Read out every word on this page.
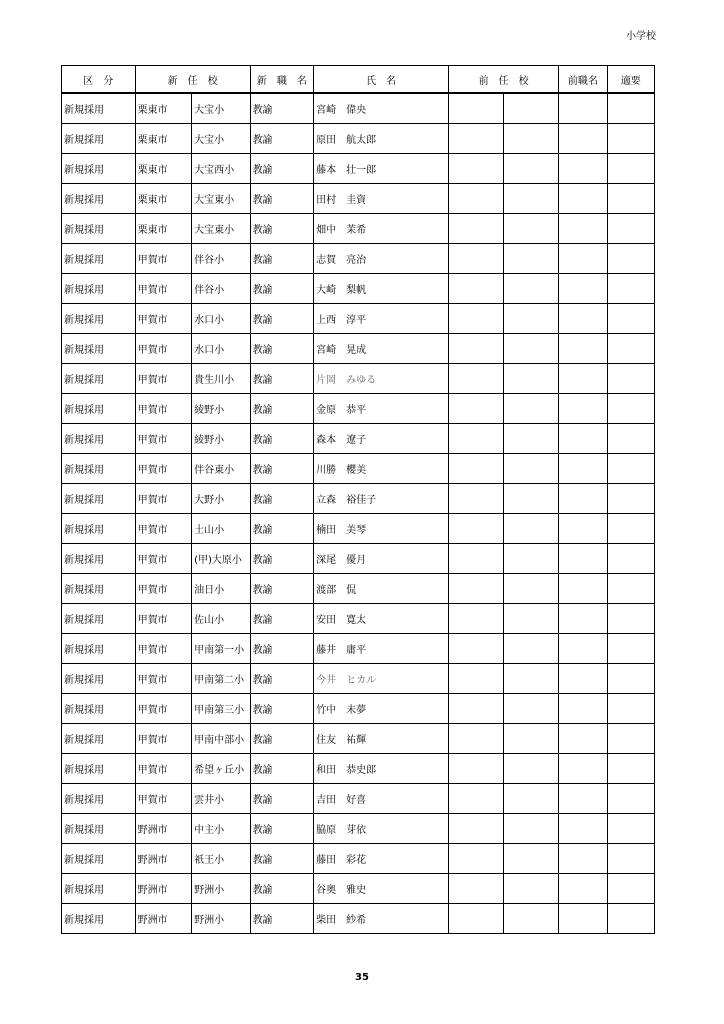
小学校
区　分	新　任　校		新　職　名	氏　名	前　任　校		前職名	適要
新規採用	栗東市	大宝小	教諭	宮崎 偉央				
新規採用	栗東市	大宝小	教諭	原田 航太郎				
新規採用	栗東市	大宝西小	教諭	藤本 壮一郎				
新規採用	栗東市	大宝東小	教諭	田村 圭資				
新規採用	栗東市	大宝東小	教諭	畑中 茉希				
新規採用	甲賀市	伴谷小	教諭	志賀 亮治				
新規採用	甲賀市	伴谷小	教諭	大崎 梨帆				
新規採用	甲賀市	水口小	教諭	上西 淳平				
新規採用	甲賀市	水口小	教諭	宮崎 晃成				
新規採用	甲賀市	貴生川小	教諭	片岡 みゆる				
新規採用	甲賀市	綾野小	教諭	金原 恭平				
新規採用	甲賀市	綾野小	教諭	森本 遼子				
新規採用	甲賀市	伴谷東小	教諭	川勝 櫻美				
新規採用	甲賀市	大野小	教諭	立森 裕佳子				
新規採用	甲賀市	土山小	教諭	楠田 美琴				
新規採用	甲賀市	(甲)大原小	教諭	深尾 優月				
新規採用	甲賀市	油日小	教諭	渡部 侃				
新規採用	甲賀市	佐山小	教諭	安田 寛太				
新規採用	甲賀市	甲南第一小	教諭	藤井 庸平				
新規採用	甲賀市	甲南第二小	教諭	今井 ヒカル				
新規採用	甲賀市	甲南第三小	教諭	竹中 未夢				
新規採用	甲賀市	甲南中部小	教諭	住友 祐輝				
新規採用	甲賀市	希望ヶ丘小	教諭	和田 恭史郎				
新規採用	甲賀市	雲井小	教諭	吉田 好喜				
新規採用	野洲市	中主小	教諭	脇原 芽依				
新規採用	野洲市	祇王小	教諭	藤田 彩花				
新規採用	野洲市	野洲小	教諭	谷奥 雅史				
新規採用	野洲市	野洲小	教諭	柴田 紗希				
35
